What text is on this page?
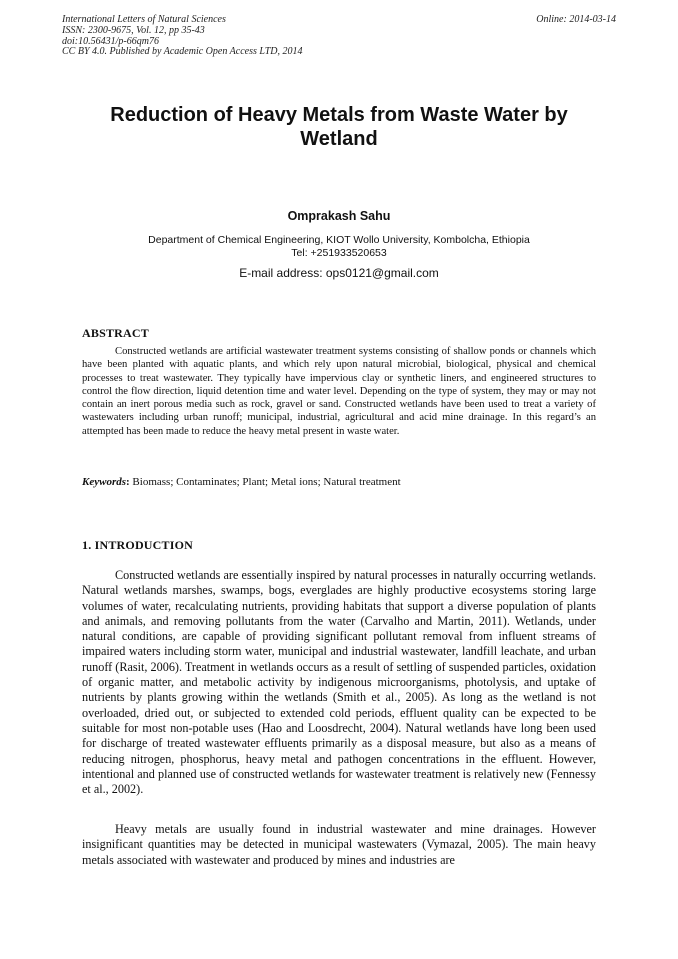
International Letters of Natural Sciences
ISSN: 2300-9675, Vol. 12, pp 35-43
doi:10.56431/p-66qm76
CC BY 4.0. Published by Academic Open Access LTD, 2014
Online: 2014-03-14
Reduction of Heavy Metals from Waste Water by Wetland
Omprakash Sahu
Department of Chemical Engineering, KIOT Wollo University, Kombolcha, Ethiopia
Tel: +251933520653
E-mail address: ops0121@gmail.com
ABSTRACT
Constructed wetlands are artificial wastewater treatment systems consisting of shallow ponds or channels which have been planted with aquatic plants, and which rely upon natural microbial, biological, physical and chemical processes to treat wastewater. They typically have impervious clay or synthetic liners, and engineered structures to control the flow direction, liquid detention time and water level. Depending on the type of system, they may or may not contain an inert porous media such as rock, gravel or sand. Constructed wetlands have been used to treat a variety of wastewaters including urban runoff; municipal, industrial, agricultural and acid mine drainage. In this regard’s an attempted has been made to reduce the heavy metal present in waste water.
Keywords: Biomass; Contaminates; Plant; Metal ions; Natural treatment
1. INTRODUCTION
Constructed wetlands are essentially inspired by natural processes in naturally occurring wetlands. Natural wetlands marshes, swamps, bogs, everglades are highly productive ecosystems storing large volumes of water, recalculating nutrients, providing habitats that support a diverse population of plants and animals, and removing pollutants from the water (Carvalho and Martin, 2011). Wetlands, under natural conditions, are capable of providing significant pollutant removal from influent streams of impaired waters including storm water, municipal and industrial wastewater, landfill leachate, and urban runoff (Rasit, 2006). Treatment in wetlands occurs as a result of settling of suspended particles, oxidation of organic matter, and metabolic activity by indigenous microorganisms, photolysis, and uptake of nutrients by plants growing within the wetlands (Smith et al., 2005). As long as the wetland is not overloaded, dried out, or subjected to extended cold periods, effluent quality can be expected to be suitable for most non-potable uses (Hao and Loosdrecht, 2004). Natural wetlands have long been used for discharge of treated wastewater effluents primarily as a disposal measure, but also as a means of reducing nitrogen, phosphorus, heavy metal and pathogen concentrations in the effluent. However, intentional and planned use of constructed wetlands for wastewater treatment is relatively new (Fennessy et al., 2002).
Heavy metals are usually found in industrial wastewater and mine drainages. However insignificant quantities may be detected in municipal wastewaters (Vymazal, 2005). The main heavy metals associated with wastewater and produced by mines and industries are
